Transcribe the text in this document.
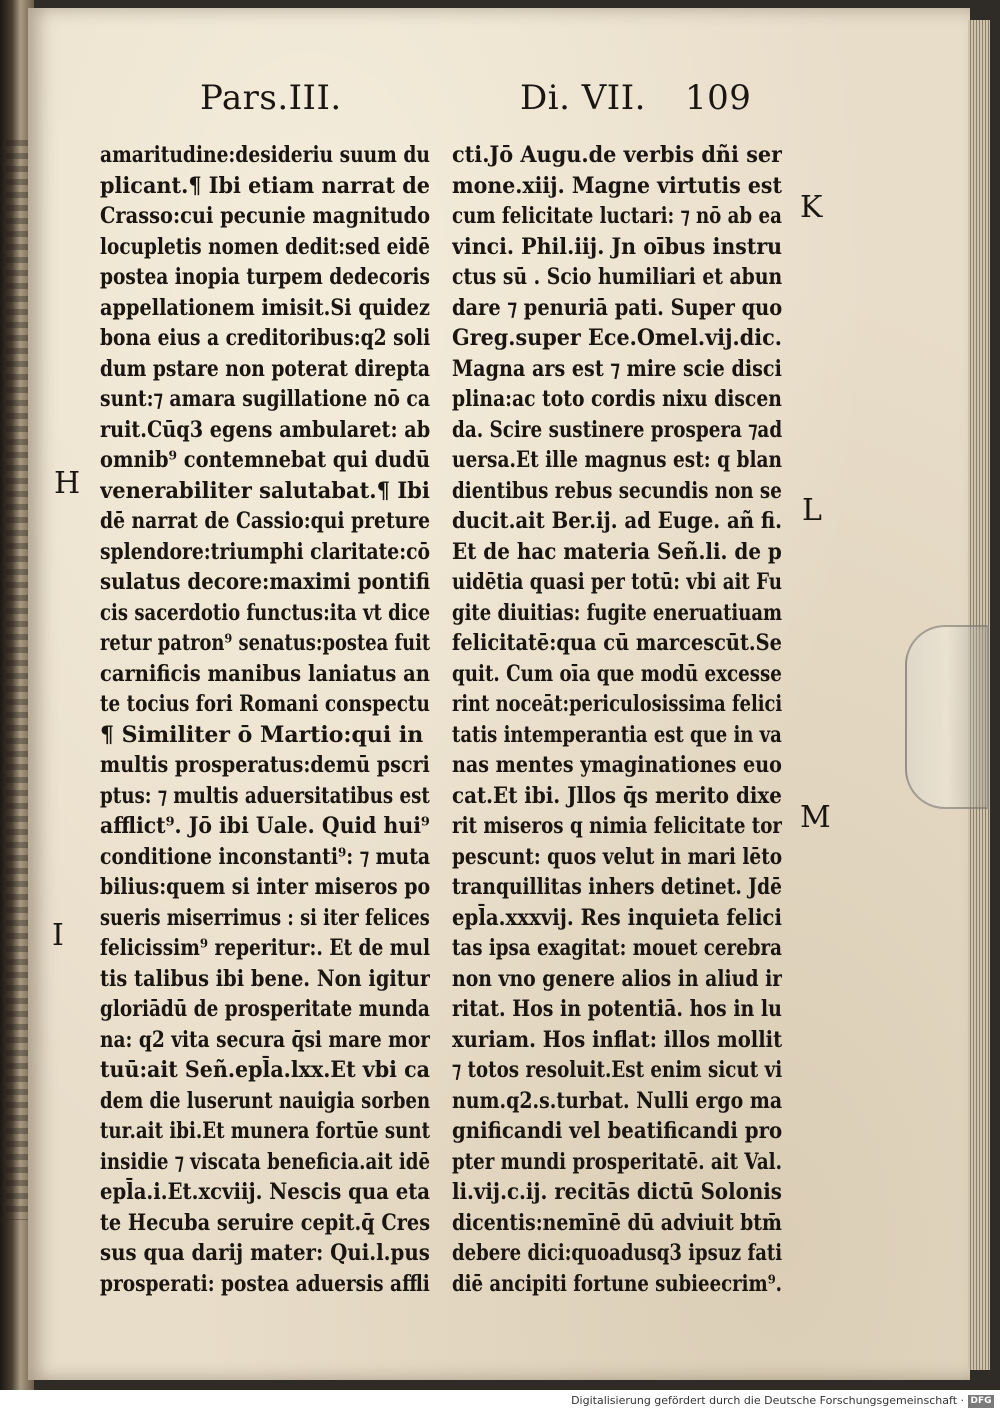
Pars.III.	Di. VII. 109
amaritudine:desideriu suum du
plicant.¶ Ibi etiam narrat de
Crasso:cui pecunie magnitudo
locupletis nomen dedit:sed eidē
postea inopia turpem dedecoris
appellationem imisit.Si quidez
bona eius a creditoribus:q2 soli
dum pstare non poterat direpta
sunt:⁊ amara sugillatione nō ca
ruit.Cūq3 egens ambularet: ab
omnib⁹ contemnebat qui dudū
venerabiliter salutabat.¶ Ibi
dē narrat de Cassio:qui preture
splendore:triumphi claritate:cō
sulatus decore:maximi pontifi
cis sacerdotio functus:ita vt dice
retur patron⁹ senatus:postea fuit
carnificis manibus laniatus an
te tocius fori Romani conspectu
¶ Similiter ō Martio:qui in
multis prosperatus:demū pscri
ptus: ⁊ multis aduersitatibus est
afflict⁹. Jō ibi Uale. Quid hui⁹
conditione inconstanti⁹: ⁊ muta
bilius:quem si inter miseros po
sueris miserrimus : si iter felices
felicissim⁹ reperitur:. Et de mul
tis talibus ibi bene. Non igitur
gloriādū de prosperitate munda
na: q2 vita secura q̄si mare mor
tuū:ait Señ.epl̄a.lxx.Et vbi ca
dem die luserunt nauigia sorben
tur.ait ibi.Et munera fortūe sunt
insidie ⁊ viscata beneficia.ait idē
epl̄a.i.Et.xcviij. Nescis qua eta
te Hecuba seruire cepit.q̄ Cres
sus qua darij mater: Qui.l.pus
prosperati: postea aduersis affli
cti.Jō Augu.de verbis dñi ser
mone.xiij. Magne virtutis est
cum felicitate luctari: ⁊ nō ab ea
vinci. Phil.iij. Jn oībus instru
ctus sū . Scio humiliari et abun
dare ⁊ penuriā pati. Super quo
Greg.super Ece.Omel.vij.dic.
Magna ars est ⁊ mire scie disci
plina:ac toto cordis nixu discen
da. Scire sustinere prospera ⁊ad
uersa.Et ille magnus est: q blan
dientibus rebus secundis non se
ducit.ait Ber.ij. ad Euge. añ fi.
Et de hac materia Señ.li. de p
uidētia quasi per totū: vbi ait Fu
gite diuitias: fugite eneruatiuam
felicitatē:qua cū marcescūt.Se
quit. Cum oīa que modū excesse
rint noceāt:periculosissima felici
tatis intemperantia est que in va
nas mentes ymaginationes euo
cat.Et ibi. Jllos q̄s merito dixe
rit miseros q nimia felicitate tor
pescunt: quos velut in mari lēto
tranquillitas inhers detinet. Jdē
epl̄a.xxxvij. Res inquieta felici
tas ipsa exagitat: mouet cerebra
non vno genere alios in aliud ir
ritat. Hos in potentiā. hos in lu
xuriam. Hos inflat: illos mollit
⁊ totos resoluit.Est enim sicut vi
num.q2.s.turbat. Nulli ergo ma
gnificandi vel beatificandi pro
pter mundi prosperitatē. ait Val.
li.vij.c.ij. recitās dictū Solonis
dicentis:nemīnē dū adviuit btm̄
debere dici:quoadusq3 ipsuz fati
diē ancipiti fortune subieecrim⁹.
H
I
K
L
M
Digitalisierung gefördert durch die Deutsche Forschungsgemeinschaft · DFG
